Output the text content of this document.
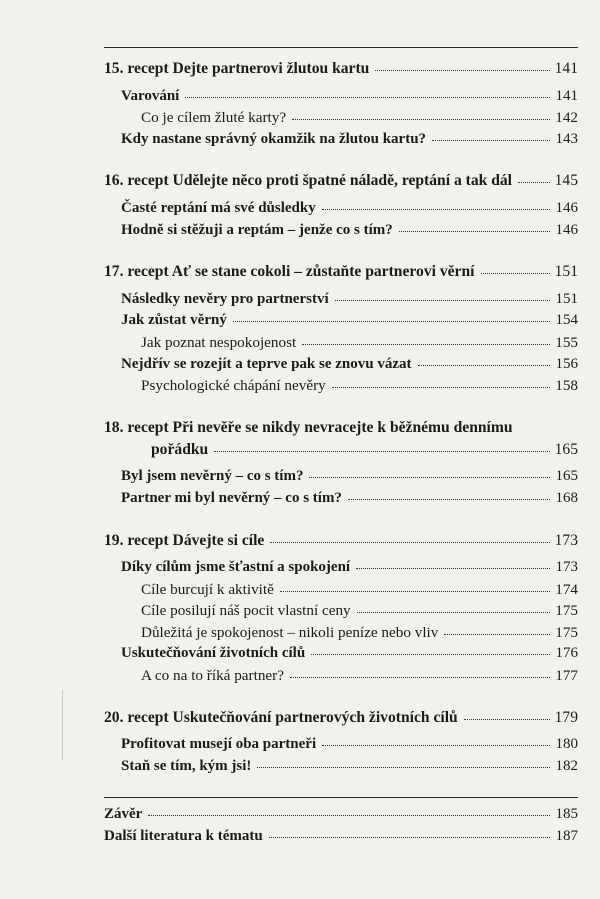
15. recept Dejte partnerovi žlutou kartu	141
Varování	141
Co je cílem žluté karty?	142
Kdy nastane správný okamžik na žlutou kartu?	143
16. recept Udělejte něco proti špatné náladě, reptání a tak dál	145
Časté reptání má své důsledky	146
Hodně si stěžuji a reptám – jenže co s tím?	146
17. recept Ať se stane cokoli – zůstaňte partnerovi věrní	151
Následky nevěry pro partnerství	151
Jak zůstat věrný	154
Jak poznat nespokojenost	155
Nejdřív se rozejít a teprve pak se znovu vázat	156
Psychologické chápání nevěry	158
18. recept Při nevěře se nikdy nevracejte k běžnému dennímu
pořádku	165
Byl jsem nevěrný – co s tím?	165
Partner mi byl nevěrný – co s tím?	168
19. recept Dávejte si cíle	173
Díky cílům jsme šťastní a spokojení	173
Cíle burcují k aktivitě	174
Cíle posilují náš pocit vlastní ceny	175
Důležitá je spokojenost – nikoli peníze nebo vliv	175
Uskutečňování životních cílů	176
A co na to říká partner?	177
20. recept Uskutečňování partnerových životních cílů	179
Profitovat musejí oba partneři	180
Staň se tím, kým jsi!	182
Závěr	185
Další literatura k tématu	187
